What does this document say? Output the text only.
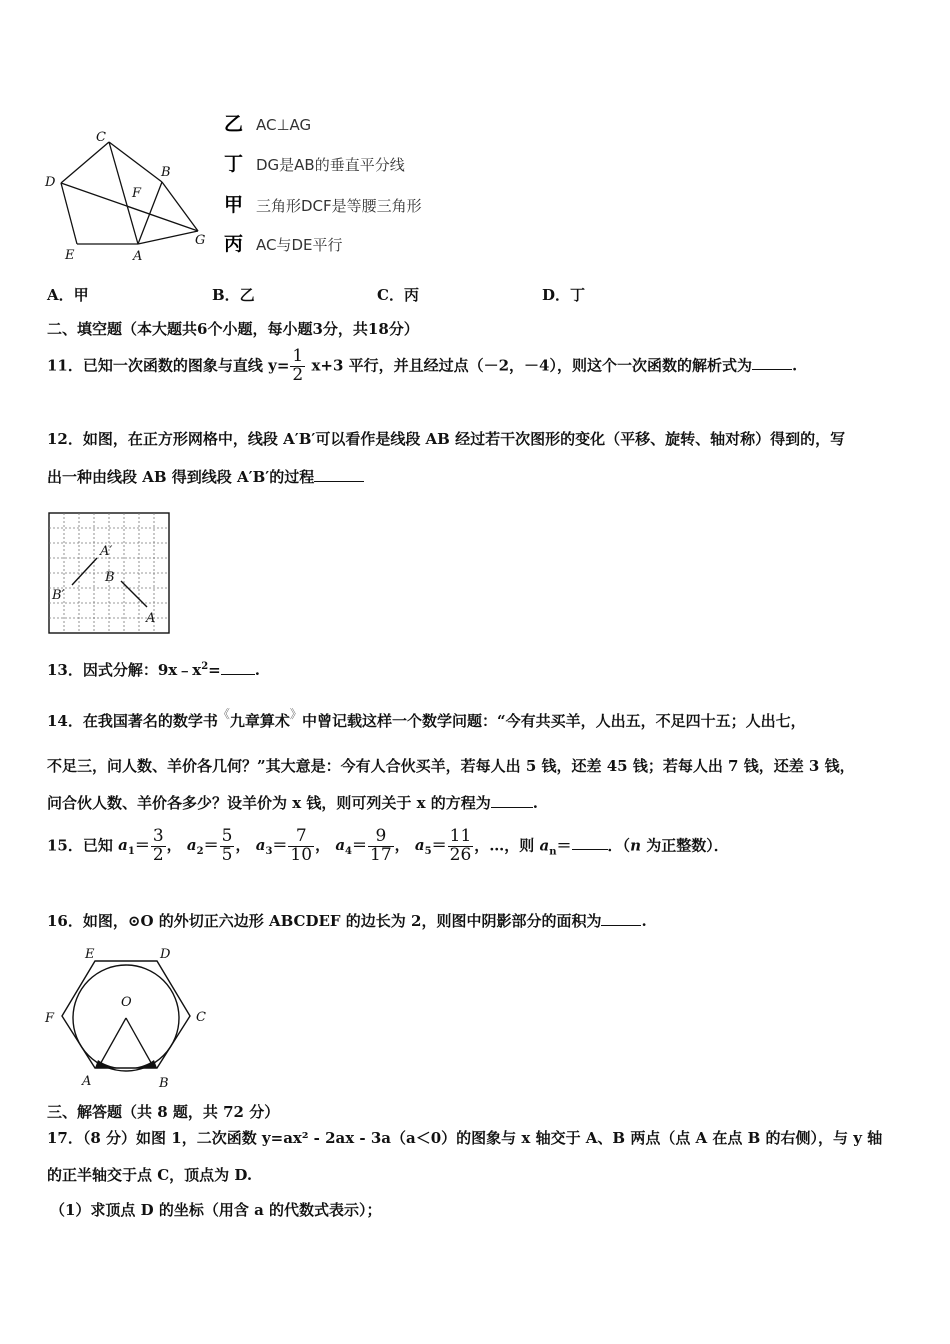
C
B
D
F
E	A
G
乙 AC⊥AG
丁 DG是AB的垂直平分线
甲 三角形DCF是等腰三角形
丙 AC与DE平行
A．甲	B．乙	C．丙	D．丁
二、填空题（本大题共6个小题，每小题3分，共18分）
11．已知一次函数的图象与直线 $y= \frac{1}{2} x+3$ 平行，并且经过点（－2，－4），则这个一次函数的解析式为	.
12．如图，在正方形网格中，线段 A′B′可以看作是线段 AB 经过若干次图形的变化（平移、旋转、轴对称）得到的，写
出一种由线段 AB 得到线段 A′B′的过程
A′
B′
B
A
13．因式分解：$9x﹣x^2=$ .
14．在我国著名的数学书《九章算术》中曾记载这样一个数学问题：“今有共买羊，人出五，不足四十五；人出七，
不足三，问人数、羊价各几何？”其大意是：今有人合伙买羊，若每人出 5 钱，还差 45 钱；若每人出 7 钱，还差 3 钱，
问合伙人数、羊价各多少？设羊价为 x 钱，则可列关于 x 的方程为	.
15．已知 $a_1= \frac{3}{2}$ ， $a_2= \frac{5}{5}$ ， $a_3= \frac{7}{10}$ ， $a_4= \frac{9}{17}$ ， $a_5= \frac{11}{26}$ ，…，则 $a_n=$ ．（n 为正整数）．
16．如图，⊙O 的外切正六边形 ABCDEF 的边长为 2，则图中阴影部分的面积为	.
E	D
O
F	C
A	B
三、解答题（共 8 题，共 72 分）
17．（8 分）如图 1，二次函数 y=ax² - 2ax - 3a（a＜0）的图象与 x 轴交于 A、B 两点（点 A 在点 B 的右侧），与 y 轴
的正半轴交于点 C，顶点为 D.
（1）求顶点 D 的坐标（用含 a 的代数式表示）；
